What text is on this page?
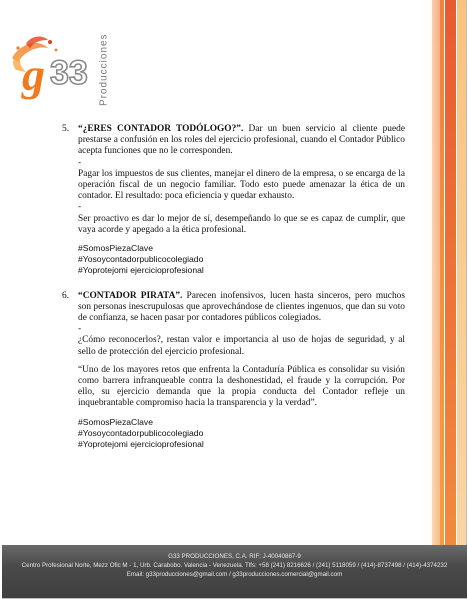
g 33 Producciones
5. “¿ERES CONTADOR TODÓLOGO?”. Dar un buen servicio al cliente puede prestarse a confusión en los roles del ejercicio profesional, cuando el Contador Público acepta funciones que no le corresponden.

-

Pagar los impuestos de sus clientes, manejar el dinero de la empresa, o se encarga de la operación fiscal de un negocio familiar. Todo esto puede amenazar la ética de un contador. El resultado: poca eficiencia y quedar exhausto.

-

Ser proactivo es dar lo mejor de sí, desempeñando lo que se es capaz de cumplir, que vaya acorde y apegado a la ética profesional.

#SomosPiezaClave
#Yosoycontadorpublicocolegiado
#Yoprotejomi ejercicioprofesional
6. “CONTADOR PIRATA”. Parecen inofensivos, lucen hasta sinceros, pero muchos son personas inescrupulosas que aprovechándose de clientes ingenuos, que dan su voto de confianza, se hacen pasar por contadores públicos colegiados.

-

¿Cómo reconocerlos?, restan valor e importancia al uso de hojas de seguridad, y al sello de protección del ejercicio profesional.

“Uno de los mayores retos que enfrenta la Contaduría Pública es consolidar su visión como barrera infranqueable contra la deshonestidad, el fraude y la corrupción. Por ello, su ejercicio demanda que la propia conducta del Contador refleje un inquebrantable compromiso hacia la transparencia y la verdad”.

#SomosPiezaClave
#Yosoycontadorpublicocolegiado
#Yoprotejomi ejercicioprofesional
G33 PRODUCCIONES, C.A. RIF: J-40040867-9
Centro Profesional Norte, Mezz Ofic M - 1, Urb. Carabobo. Valencia - Venezuela. Tlfs: +58 (241) 8216626 / (241) 5118059 / (414)-8737498 / (414)-4374232
Email: g33producciones@gmail.com / g33producciones.comercial@gmail.com
